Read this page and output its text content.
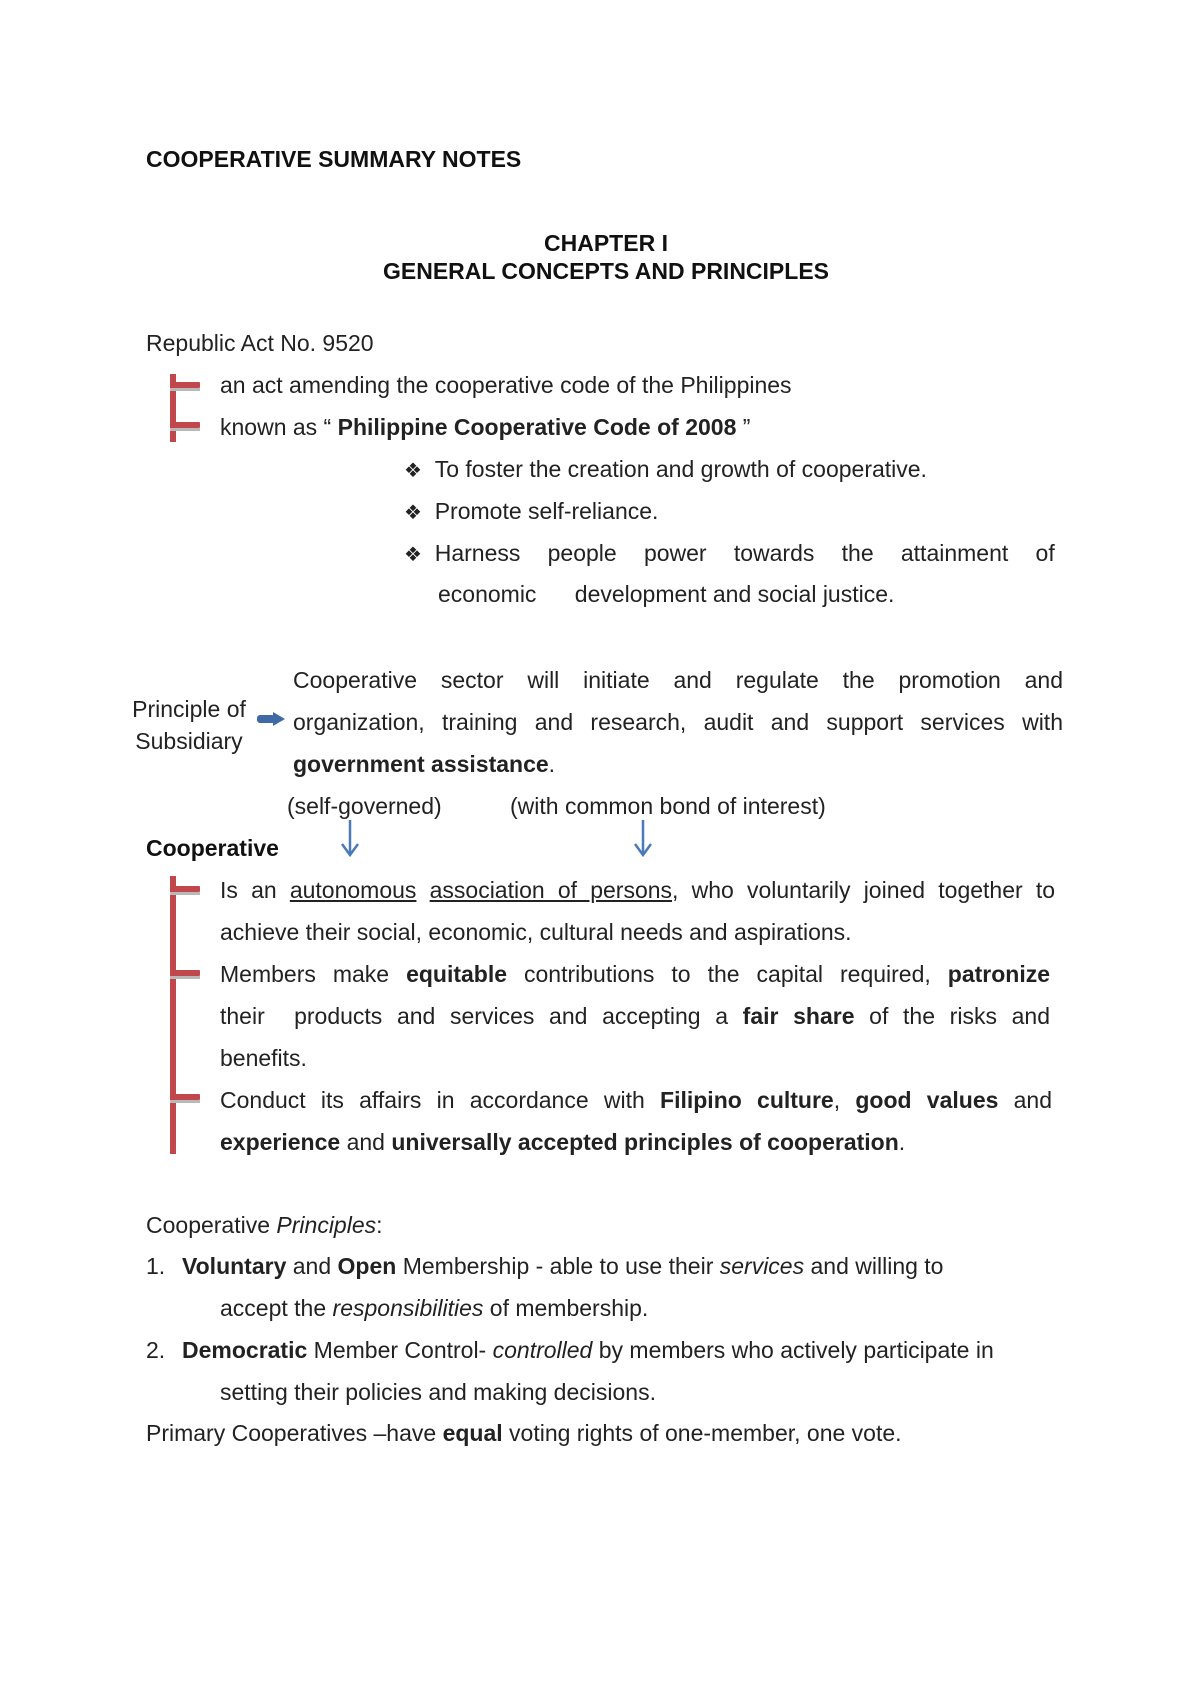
COOPERATIVE SUMMARY NOTES
CHAPTER I
GENERAL CONCEPTS AND PRINCIPLES
Republic Act No. 9520
an act amending the cooperative code of the Philippines
known as “ Philippine Cooperative Code of 2008 ”
❖ To foster the creation and growth of cooperative.
❖ Promote self-reliance.
❖ Harness people power towards the attainment of
economic      development and social justice.
Principle of
Subsidiary
Cooperative sector will initiate and regulate the promotion and
organization, training and research, audit and support services with
government assistance.
(self-governed)	(with common bond of interest)
Cooperative
Is an autonomous association of persons, who voluntarily joined together to
achieve their social, economic, cultural needs and aspirations.
Members make equitable contributions to the capital required, patronize
their  products and services and accepting a fair share of the risks and
benefits.
Conduct its affairs in accordance with Filipino culture, good values and
experience and universally accepted principles of cooperation.
Cooperative Principles:
1. Voluntary and Open Membership - able to use their services and willing to
accept the responsibilities of membership.
2. Democratic Member Control- controlled by members who actively participate in
setting their policies and making decisions.
Primary Cooperatives –have equal voting rights of one-member, one vote.
